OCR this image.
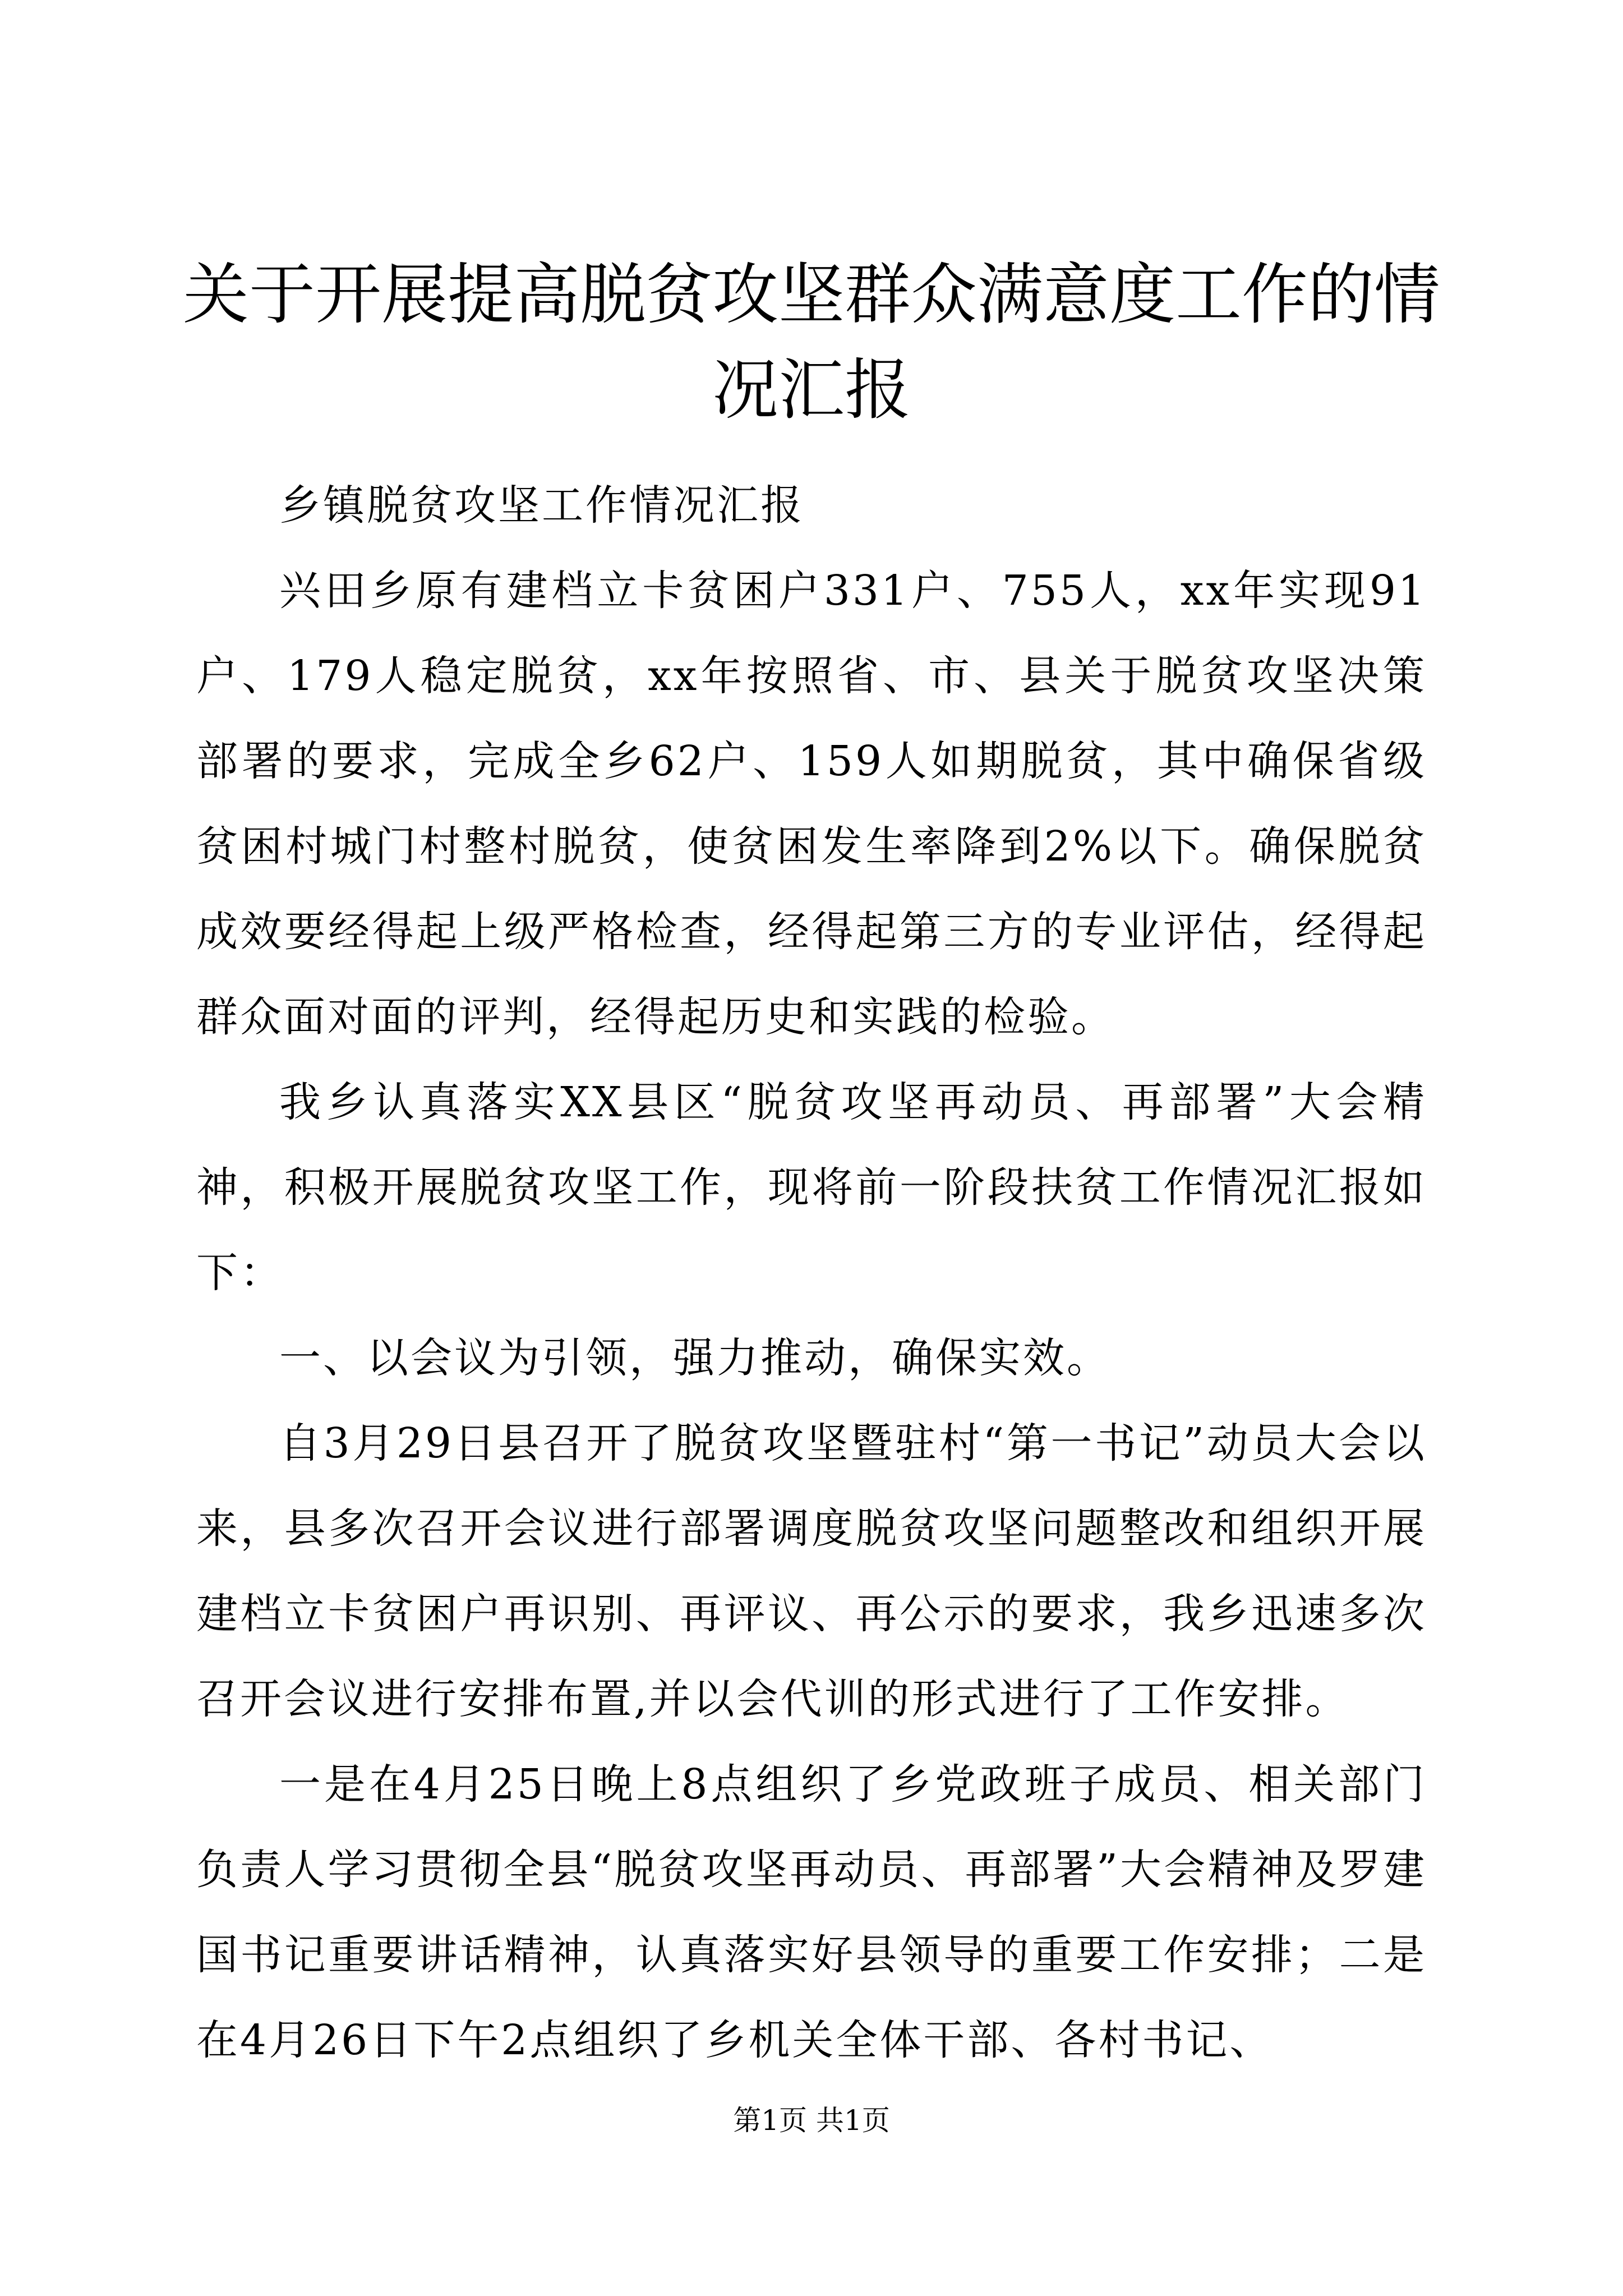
关于开展提高脱贫攻坚群众满意度工作的情况汇报

乡镇脱贫攻坚工作情况汇报

兴田乡原有建档立卡贫困户331户、755人，xx年实现91户、179人稳定脱贫，xx年按照省、市、县关于脱贫攻坚决策部署的要求，完成全乡62户、159人如期脱贫，其中确保省级贫困村城门村整村脱贫，使贫困发生率降到2%以下。确保脱贫成效要经得起上级严格检查，经得起第三方的专业评估，经得起群众面对面的评判，经得起历史和实践的检验。

我乡认真落实XX县区“脱贫攻坚再动员、再部署”大会精神，积极开展脱贫攻坚工作，现将前一阶段扶贫工作情况汇报如下：

一、以会议为引领，强力推动，确保实效。

自3月29日县召开了脱贫攻坚暨驻村“第一书记”动员大会以来，县多次召开会议进行部署调度脱贫攻坚问题整改和组织开展建档立卡贫困户再识别、再评议、再公示的要求，我乡迅速多次召开会议进行安排布置,并以会代训的形式进行了工作安排。

一是在4月25日晚上8点组织了乡党政班子成员、相关部门负责人学习贯彻全县“脱贫攻坚再动员、再部署”大会精神及罗建国书记重要讲话精神，认真落实好县领导的重要工作安排；二是在4月26日下午2点组织了乡机关全体干部、各村书记、

第1页 共1页
